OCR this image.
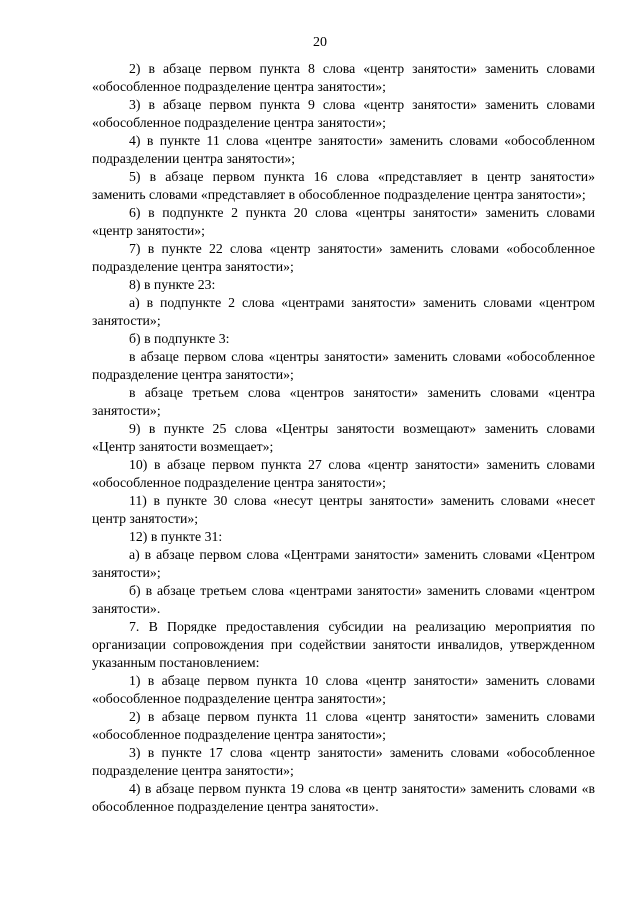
20

2) в абзаце первом пункта 8 слова «центр занятости» заменить словами «обособленное подразделение центра занятости»;

3) в абзаце первом пункта 9 слова «центр занятости» заменить словами «обособленное подразделение центра занятости»;

4) в пункте 11 слова «центре занятости» заменить словами «обособленном подразделении центра занятости»;

5) в абзаце первом пункта 16 слова «представляет в центр занятости» заменить словами «представляет в обособленное подразделение центра занятости»;

6) в подпункте 2 пункта 20 слова «центры занятости» заменить словами «центр занятости»;

7) в пункте 22 слова «центр занятости» заменить словами «обособленное подразделение центра занятости»;

8) в пункте 23:

а) в подпункте 2 слова «центрами занятости» заменить словами «центром занятости»;

б) в подпункте 3:

в абзаце первом слова «центры занятости» заменить словами «обособленное подразделение центра занятости»;

в абзаце третьем слова «центров занятости» заменить словами «центра занятости»;

9) в пункте 25 слова «Центры занятости возмещают» заменить словами «Центр занятости возмещает»;

10) в абзаце первом пункта 27 слова «центр занятости» заменить словами «обособленное подразделение центра занятости»;

11) в пункте 30 слова «несут центры занятости» заменить словами «несет центр занятости»;

12) в пункте 31:

а) в абзаце первом слова «Центрами занятости» заменить словами «Центром занятости»;

б) в абзаце третьем слова «центрами занятости» заменить словами «центром занятости».

7. В Порядке предоставления субсидии на реализацию мероприятия по организации сопровождения при содействии занятости инвалидов, утвержденном указанным постановлением:

1) в абзаце первом пункта 10 слова «центр занятости» заменить словами «обособленное подразделение центра занятости»;

2) в абзаце первом пункта 11 слова «центр занятости» заменить словами «обособленное подразделение центра занятости»;

3) в пункте 17 слова «центр занятости» заменить словами «обособленное подразделение центра занятости»;

4) в абзаце первом пункта 19 слова «в центр занятости» заменить словами «в обособленное подразделение центра занятости».
